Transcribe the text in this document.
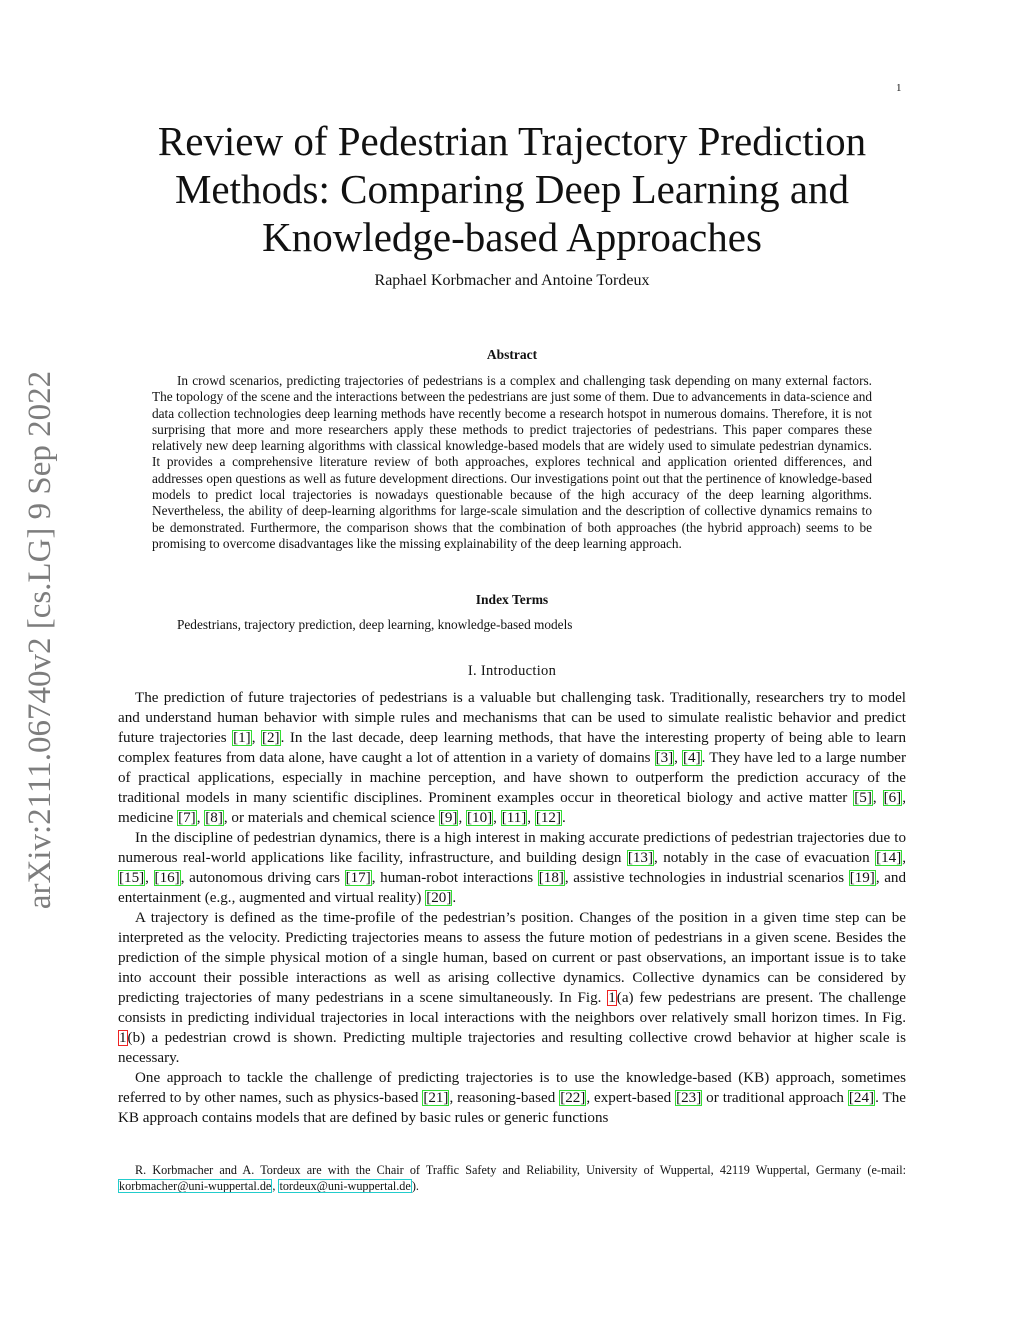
1
arXiv:2111.06740v2 [cs.LG] 9 Sep 2022
Review of Pedestrian Trajectory Prediction
Methods: Comparing Deep Learning and
Knowledge-based Approaches
Raphael Korbmacher and Antoine Tordeux
Abstract

In crowd scenarios, predicting trajectories of pedestrians is a complex and challenging task depending on many external factors. The topology of the scene and the interactions between the pedestrians are just some of them. Due to advancements in data-science and data collection technologies deep learning methods have recently become a research hotspot in numerous domains. Therefore, it is not surprising that more and more researchers apply these methods to predict trajectories of pedestrians. This paper compares these relatively new deep learning algorithms with classical knowledge-based models that are widely used to simulate pedestrian dynamics. It provides a comprehensive literature review of both approaches, explores technical and application oriented differences, and addresses open questions as well as future development directions. Our investigations point out that the pertinence of knowledge-based models to predict local trajectories is nowadays questionable because of the high accuracy of the deep learning algorithms. Nevertheless, the ability of deep-learning algorithms for large-scale simulation and the description of collective dynamics remains to be demonstrated. Furthermore, the comparison shows that the combination of both approaches (the hybrid approach) seems to be promising to overcome disadvantages like the missing explainability of the deep learning approach.

Index Terms

Pedestrians, trajectory prediction, deep learning, knowledge-based models

I. Introduction

The prediction of future trajectories of pedestrians is a valuable but challenging task. Traditionally, researchers try to model and understand human behavior with simple rules and mechanisms that can be used to simulate realistic behavior and predict future trajectories [1], [2]. In the last decade, deep learning methods, that have the interesting property of being able to learn complex features from data alone, have caught a lot of attention in a variety of domains [3], [4]. They have led to a large number of practical applications, especially in machine perception, and have shown to outperform the prediction accuracy of the traditional models in many scientific disciplines. Prominent examples occur in theoretical biology and active matter [5], [6], medicine [7], [8], or materials and chemical science [9], [10], [11], [12].

In the discipline of pedestrian dynamics, there is a high interest in making accurate predictions of pedestrian trajectories due to numerous real-world applications like facility, infrastructure, and building design [13], notably in the case of evacuation [14], [15], [16], autonomous driving cars [17], human-robot interactions [18], assistive technologies in industrial scenarios [19], and entertainment (e.g., augmented and virtual reality) [20].

A trajectory is defined as the time-profile of the pedestrian’s position. Changes of the position in a given time step can be interpreted as the velocity. Predicting trajectories means to assess the future motion of pedestrians in a given scene. Besides the prediction of the simple physical motion of a single human, based on current or past observations, an important issue is to take into account their possible interactions as well as arising collective dynamics. Collective dynamics can be considered by predicting trajectories of many pedestrians in a scene simultaneously. In Fig. 1(a) few pedestrians are present. The challenge consists in predicting individual trajectories in local interactions with the neighbors over relatively small horizon times. In Fig. 1(b) a pedestrian crowd is shown. Predicting multiple trajectories and resulting collective crowd behavior at higher scale is necessary.

One approach to tackle the challenge of predicting trajectories is to use the knowledge-based (KB) approach, sometimes referred to by other names, such as physics-based [21], reasoning-based [22], expert-based [23] or traditional approach [24]. The KB approach contains models that are defined by basic rules or generic functions

R. Korbmacher and A. Tordeux are with the Chair of Traffic Safety and Reliability, University of Wuppertal, 42119 Wuppertal, Germany (e-mail: korbmacher@uni-wuppertal.de, tordeux@uni-wuppertal.de).
